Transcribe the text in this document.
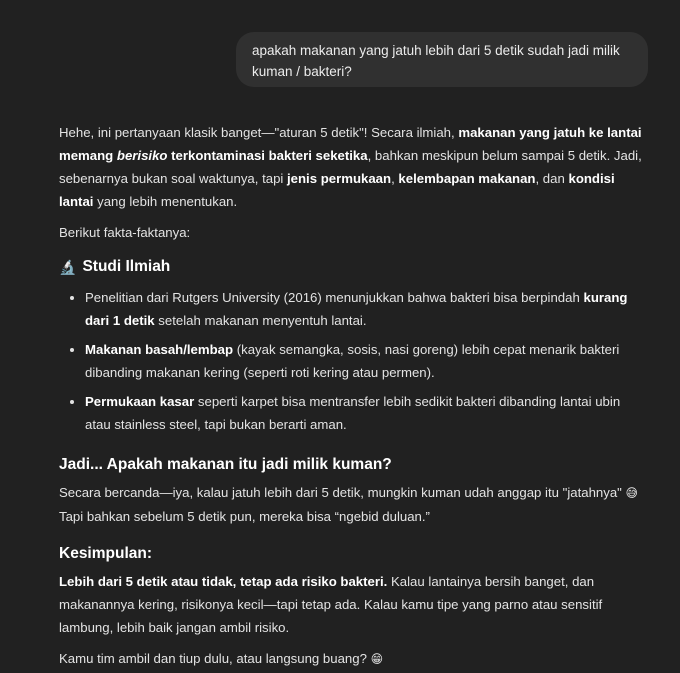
apakah makanan yang jatuh lebih dari 5 detik sudah jadi milik kuman / bakteri?

Hehe, ini pertanyaan klasik banget—"aturan 5 detik"! Secara ilmiah, makanan yang jatuh ke lantai memang berisiko terkontaminasi bakteri seketika, bahkan meskipun belum sampai 5 detik. Jadi, sebenarnya bukan soal waktunya, tapi jenis permukaan, kelembapan makanan, dan kondisi lantai yang lebih menentukan.

Berikut fakta-faktanya:

🔬 Studi Ilmiah
• Penelitian dari Rutgers University (2016) menunjukkan bahwa bakteri bisa berpindah kurang dari 1 detik setelah makanan menyentuh lantai.
• Makanan basah/lembap (kayak semangka, sosis, nasi goreng) lebih cepat menarik bakteri dibanding makanan kering (seperti roti kering atau permen).
• Permukaan kasar seperti karpet bisa mentransfer lebih sedikit bakteri dibanding lantai ubin atau stainless steel, tapi bukan berarti aman.
Jadi... Apakah makanan itu jadi milik kuman?

Secara bercanda—iya, kalau jatuh lebih dari 5 detik, mungkin kuman udah anggap itu "jatahnya" 😅
Tapi bahkan sebelum 5 detik pun, mereka bisa “ngebid duluan.”

Kesimpulan:

Lebih dari 5 detik atau tidak, tetap ada risiko bakteri. Kalau lantainya bersih banget, dan makanannya kering, risikonya kecil—tapi tetap ada. Kalau kamu tipe yang parno atau sensitif lambung, lebih baik jangan ambil risiko.

Kamu tim ambil dan tiup dulu, atau langsung buang? 😁
